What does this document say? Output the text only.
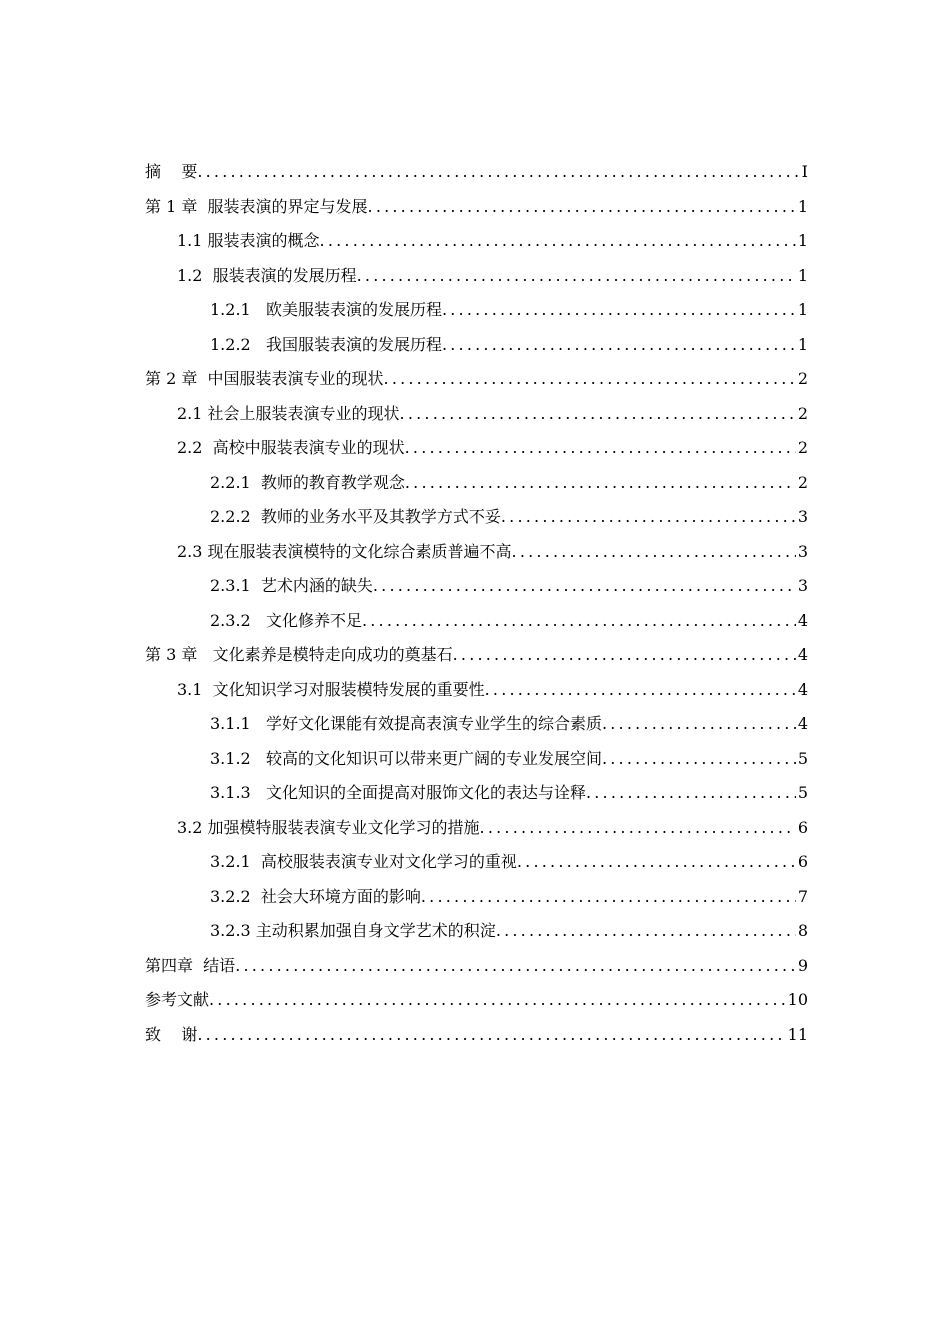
摘    要 .....	I
第 1 章  服装表演的界定与发展 .....	1
1.1 服装表演的概念 .....	1
1.2  服装表演的发展历程 .....	1
1.2.1   欧美服装表演的发展历程 .....	1
1.2.2   我国服装表演的发展历程 .....	1
第 2 章  中国服装表演专业的现状 .....	2
2.1 社会上服装表演专业的现状 .....	2
2.2  高校中服装表演专业的现状 .....	2
2.2.1  教师的教育教学观念 .....	2
2.2.2  教师的业务水平及其教学方式不妥 .....	3
2.3 现在服装表演模特的文化综合素质普遍不高 .....	3
2.3.1  艺术内涵的缺失 .....	3
2.3.2   文化修养不足 .....	4
第 3 章   文化素养是模特走向成功的奠基石 .....	4
3.1  文化知识学习对服装模特发展的重要性 .....	4
3.1.1   学好文化课能有效提高表演专业学生的综合素质 .....	4
3.1.2   较高的文化知识可以带来更广阔的专业发展空间 .....	5
3.1.3   文化知识的全面提高对服饰文化的表达与诠释 .....	5
3.2 加强模特服装表演专业文化学习的措施 .....	6
3.2.1  高校服装表演专业对文化学习的重视 .....	6
3.2.2  社会大环境方面的影响 .....	7
3.2.3 主动积累加强自身文学艺术的积淀 .....	8
第四章  结语 .....	9
参考文献 .....	10
致    谢 .....	11
